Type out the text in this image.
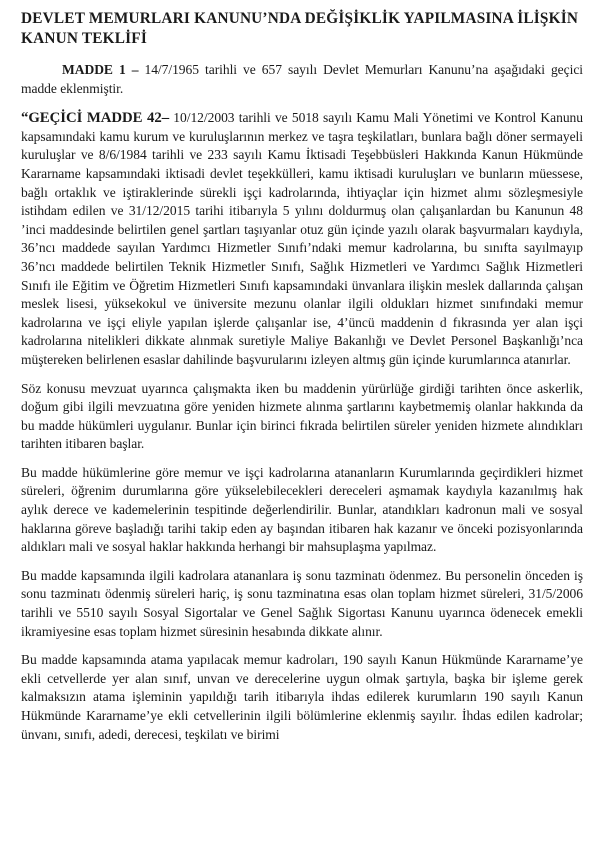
DEVLET MEMURLARI KANUNU’NDA DEĞİŞİKLİK YAPILMASINA İLİŞKİN KANUN TEKLİFİ

MADDE 1 – 14/7/1965 tarihli ve 657 sayılı Devlet Memurları Kanunu’na aşağıdaki geçici madde eklenmiştir.

“GEÇİCİ MADDE 42– 10/12/2003 tarihli ve 5018 sayılı Kamu Mali Yönetimi ve Kontrol Kanunu kapsamındaki kamu kurum ve kuruluşlarının merkez ve taşra teşkilatları, bunlara bağlı döner sermayeli kuruluşlar ve 8/6/1984 tarihli ve 233 sayılı Kamu İktisadi Teşebbüsleri Hakkında Kanun Hükmünde Kararname kapsamındaki iktisadi devlet teşekkülleri, kamu iktisadi kuruluşları ve bunların müessese, bağlı ortaklık ve iştiraklerinde sürekli işçi kadrolarında, ihtiyaçlar için hizmet alımı sözleşmesiyle istihdam edilen ve 31/12/2015 tarihi itibarıyla 5 yılını doldurmuş olan çalışanlardan bu Kanunun 48 ’inci maddesinde belirtilen genel şartları taşıyanlar otuz gün içinde yazılı olarak başvurmaları kaydıyla, 36’ncı maddede sayılan Yardımcı Hizmetler Sınıfı’ndaki memur kadrolarına, bu sınıfta sayılmayıp 36’ncı maddede belirtilen Teknik Hizmetler Sınıfı, Sağlık Hizmetleri ve Yardımcı Sağlık Hizmetleri Sınıfı ile Eğitim ve Öğretim Hizmetleri Sınıfı kapsamındaki ünvanlara ilişkin meslek dallarında çalışan meslek lisesi, yüksekokul ve üniversite mezunu olanlar ilgili oldukları hizmet sınıfındaki memur kadrolarına ve işçi eliyle yapılan işlerde çalışanlar ise, 4’üncü maddenin d fıkrasında yer alan işçi kadrolarına nitelikleri dikkate alınmak suretiyle Maliye Bakanlığı ve Devlet Personel Başkanlığı’nca müştereken belirlenen esaslar dahilinde başvurularını izleyen altmış gün içinde kurumlarınca atanırlar.

Söz konusu mevzuat uyarınca çalışmakta iken bu maddenin yürürlüğe girdiği tarihten önce askerlik, doğum gibi ilgili mevzuatına göre yeniden hizmete alınma şartlarını kaybetmemiş olanlar hakkında da bu madde hükümleri uygulanır. Bunlar için birinci fıkrada belirtilen süreler yeniden hizmete alındıkları tarihten itibaren başlar.

Bu madde hükümlerine göre memur ve işçi kadrolarına atananların Kurumlarında geçirdikleri hizmet süreleri, öğrenim durumlarına göre yükselebilecekleri dereceleri aşmamak kaydıyla kazanılmış hak aylık derece ve kademelerinin tespitinde değerlendirilir. Bunlar, atandıkları kadronun mali ve sosyal haklarına göreve başladığı tarihi takip eden ay başından itibaren hak kazanır ve önceki pozisyonlarında aldıkları mali ve sosyal haklar hakkında herhangi bir mahsuplaşma yapılmaz.

Bu madde kapsamında ilgili kadrolara atananlara iş sonu tazminatı ödenmez. Bu personelin önceden iş sonu tazminatı ödenmiş süreleri hariç, iş sonu tazminatına esas olan toplam hizmet süreleri, 31/5/2006 tarihli ve 5510 sayılı Sosyal Sigortalar ve Genel Sağlık Sigortası Kanunu uyarınca ödenecek emekli ikramiyesine esas toplam hizmet süresinin hesabında dikkate alınır.

Bu madde kapsamında atama yapılacak memur kadroları, 190 sayılı Kanun Hükmünde Kararname’ye ekli cetvellerde yer alan sınıf, unvan ve derecelerine uygun olmak şartıyla, başka bir işleme gerek kalmaksızın atama işleminin yapıldığı tarih itibarıyla ihdas edilerek kurumların 190 sayılı Kanun Hükmünde Kararname’ye ekli cetvellerinin ilgili bölümlerine eklenmiş sayılır. İhdas edilen kadrolar; ünvanı, sınıfı, adedi, derecesi, teşkilatı ve birimi
